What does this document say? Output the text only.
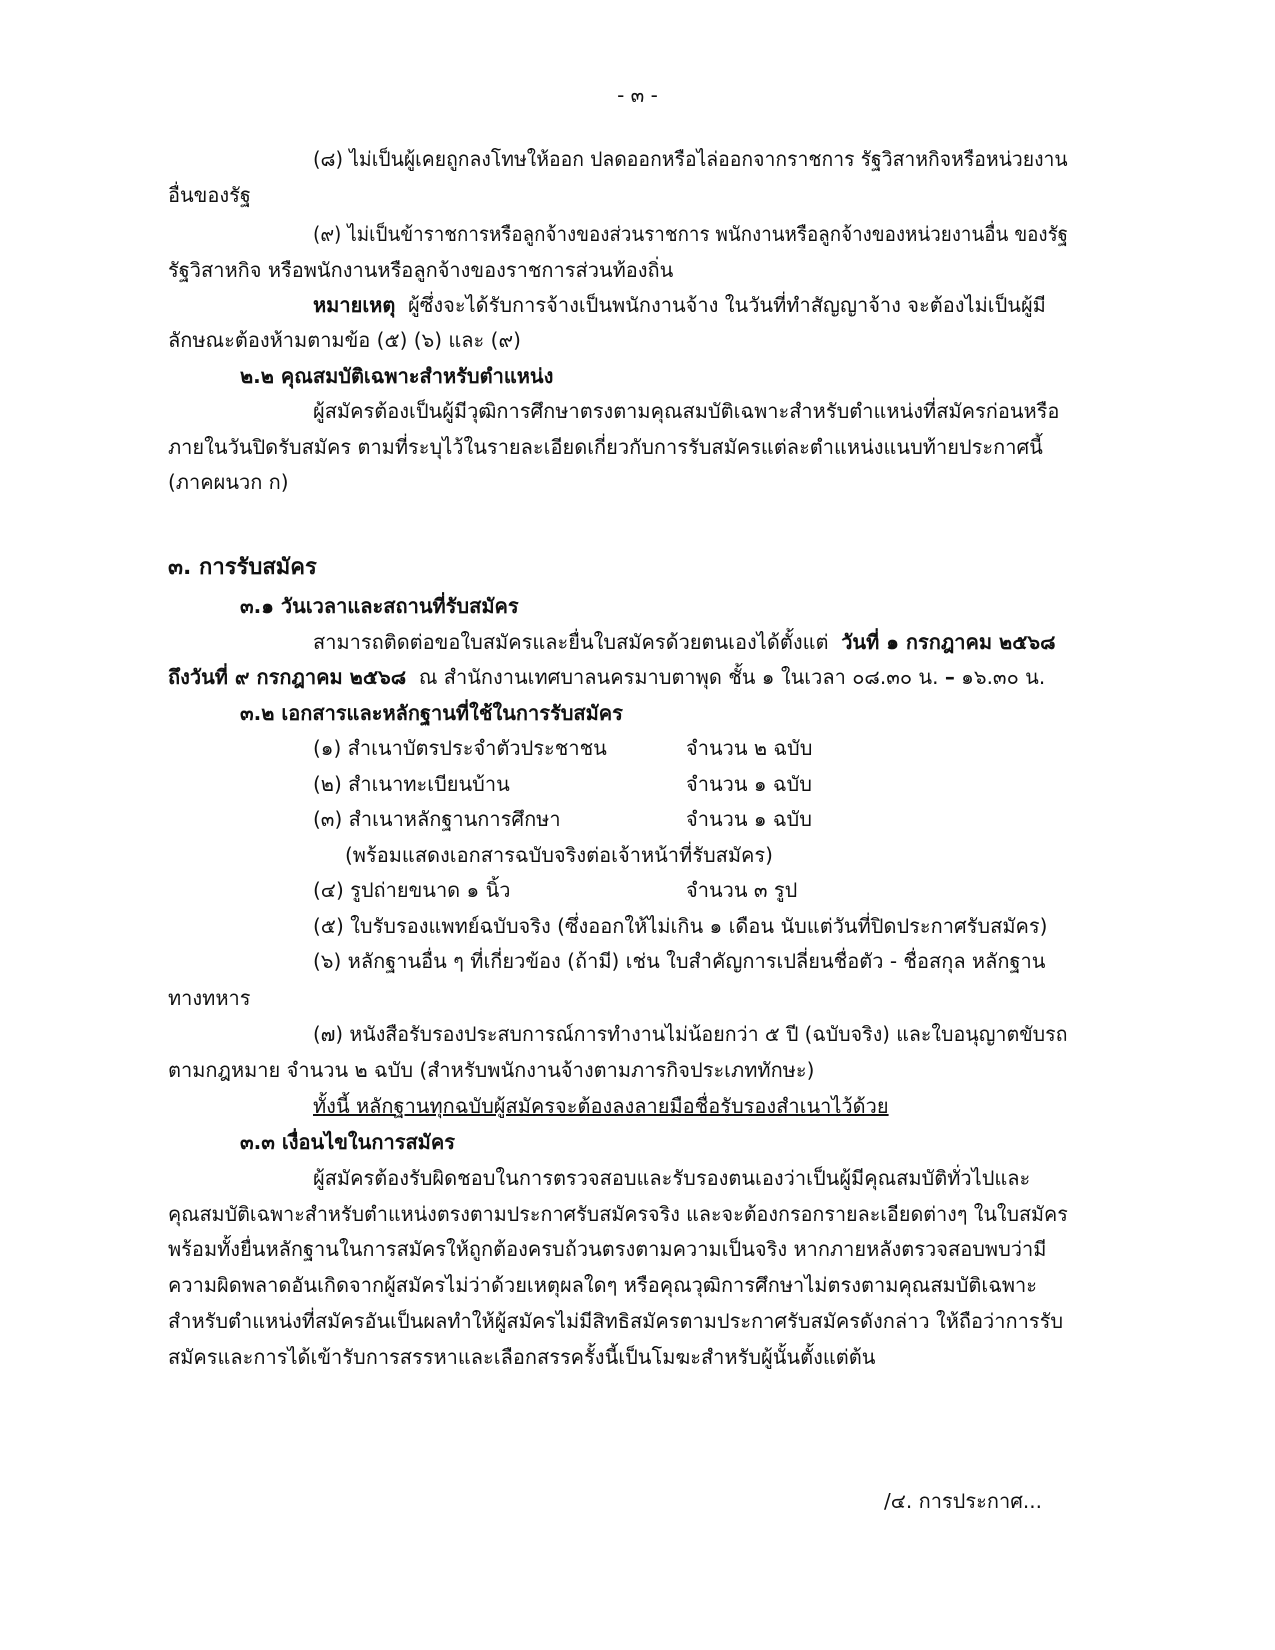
- ๓ -
(๘) ไม่เป็นผู้เคยถูกลงโทษให้ออก ปลดออกหรือไล่ออกจากราชการ รัฐวิสาหกิจหรือหน่วยงาน
อื่นของรัฐ
(๙) ไม่เป็นข้าราชการหรือลูกจ้างของส่วนราชการ พนักงานหรือลูกจ้างของหน่วยงานอื่น ของรัฐ
รัฐวิสาหกิจ หรือพนักงานหรือลูกจ้างของราชการส่วนท้องถิ่น
หมายเหตุ ผู้ซึ่งจะได้รับการจ้างเป็นพนักงานจ้าง ในวันที่ทำสัญญาจ้าง จะต้องไม่เป็นผู้มี
ลักษณะต้องห้ามตามข้อ (๕) (๖) และ (๙)
๒.๒ คุณสมบัติเฉพาะสำหรับตำแหน่ง
ผู้สมัครต้องเป็นผู้มีวุฒิการศึกษาตรงตามคุณสมบัติเฉพาะสำหรับตำแหน่งที่สมัครก่อนหรือ
ภายในวันปิดรับสมัคร ตามที่ระบุไว้ในรายละเอียดเกี่ยวกับการรับสมัครแต่ละตำแหน่งแนบท้ายประกาศนี้
(ภาคผนวก ก)
๓. การรับสมัคร
๓.๑ วันเวลาและสถานที่รับสมัคร
สามารถติดต่อขอใบสมัครและยื่นใบสมัครด้วยตนเองได้ตั้งแต่ วันที่ ๑ กรกฎาคม ๒๕๖๘
ถึงวันที่ ๙ กรกฎาคม ๒๕๖๘ ณ สำนักงานเทศบาลนครมาบตาพุด ชั้น ๑ ในเวลา ๐๘.๓๐ น. – ๑๖.๓๐ น.
๓.๒ เอกสารและหลักฐานที่ใช้ในการรับสมัคร
(๑) สำเนาบัตรประจำตัวประชาชน	จำนวน ๒ ฉบับ
(๒) สำเนาทะเบียนบ้าน	จำนวน ๑ ฉบับ
(๓) สำเนาหลักฐานการศึกษา	จำนวน ๑ ฉบับ
(พร้อมแสดงเอกสารฉบับจริงต่อเจ้าหน้าที่รับสมัคร)
(๔) รูปถ่ายขนาด ๑ นิ้ว	จำนวน ๓ รูป
(๕) ใบรับรองแพทย์ฉบับจริง (ซึ่งออกให้ไม่เกิน ๑ เดือน นับแต่วันที่ปิดประกาศรับสมัคร)
(๖) หลักฐานอื่น ๆ ที่เกี่ยวข้อง (ถ้ามี) เช่น ใบสำคัญการเปลี่ยนชื่อตัว - ชื่อสกุล หลักฐาน
ทางทหาร
(๗) หนังสือรับรองประสบการณ์การทำงานไม่น้อยกว่า ๕ ปี (ฉบับจริง) และใบอนุญาตขับรถ
ตามกฎหมาย จำนวน ๒ ฉบับ (สำหรับพนักงานจ้างตามภารกิจประเภททักษะ)
ทั้งนี้ หลักฐานทุกฉบับผู้สมัครจะต้องลงลายมือชื่อรับรองสำเนาไว้ด้วย
๓.๓ เงื่อนไขในการสมัคร
ผู้สมัครต้องรับผิดชอบในการตรวจสอบและรับรองตนเองว่าเป็นผู้มีคุณสมบัติทั่วไปและ
คุณสมบัติเฉพาะสำหรับตำแหน่งตรงตามประกาศรับสมัครจริง และจะต้องกรอกรายละเอียดต่างๆ ในใบสมัคร
พร้อมทั้งยื่นหลักฐานในการสมัครให้ถูกต้องครบถ้วนตรงตามความเป็นจริง หากภายหลังตรวจสอบพบว่ามี
ความผิดพลาดอันเกิดจากผู้สมัครไม่ว่าด้วยเหตุผลใดๆ หรือคุณวุฒิการศึกษาไม่ตรงตามคุณสมบัติเฉพาะ
สำหรับตำแหน่งที่สมัครอันเป็นผลทำให้ผู้สมัครไม่มีสิทธิสมัครตามประกาศรับสมัครดังกล่าว ให้ถือว่าการรับ
สมัครและการได้เข้ารับการสรรหาและเลือกสรรครั้งนี้เป็นโมฆะสำหรับผู้นั้นตั้งแต่ต้น
/๔. การประกาศ...
